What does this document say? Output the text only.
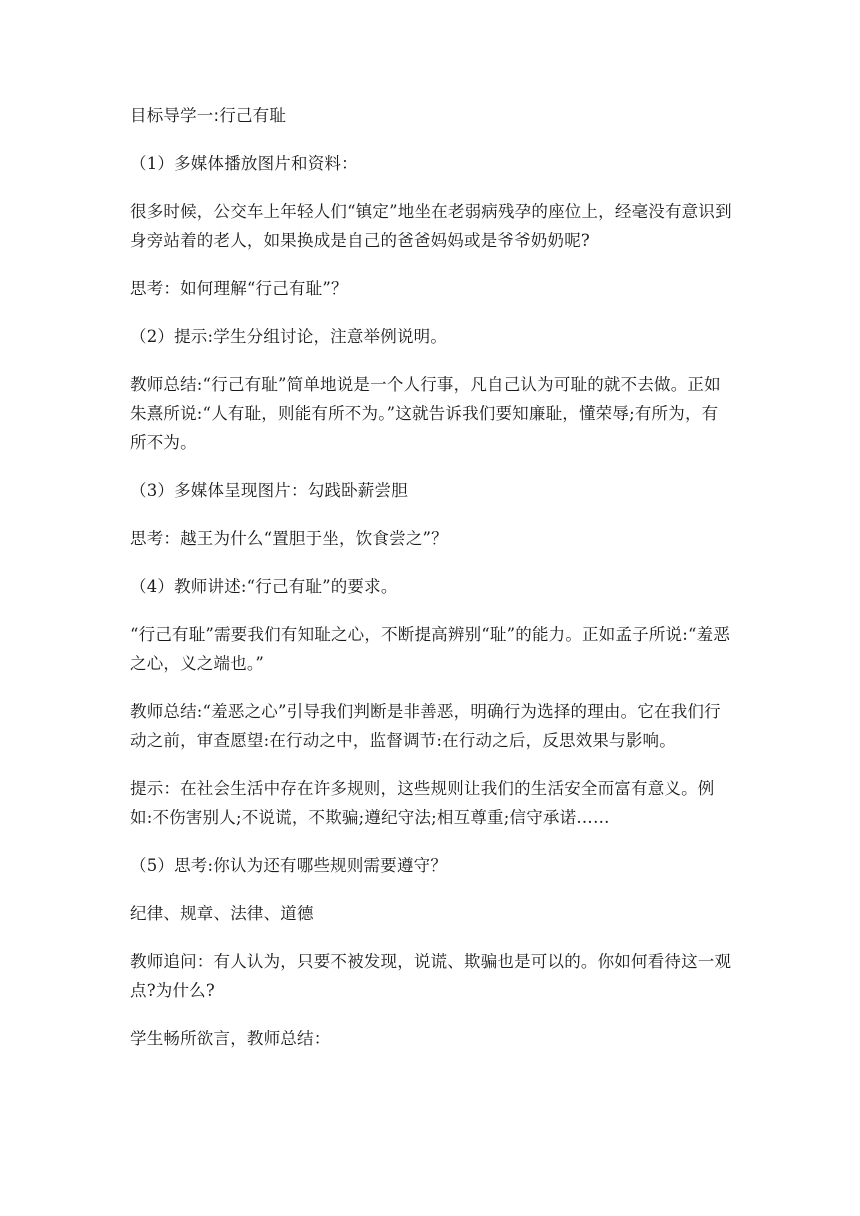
目标导学一:行己有耻

（1）多媒体播放图片和资料：

很多时候，公交车上年轻人们“镇定”地坐在老弱病残孕的座位上，经毫没有意识到身旁站着的老人，如果换成是自己的爸爸妈妈或是爷爷奶奶呢?

思考：如何理解“行己有耻”？

（2）提示:学生分组讨论，注意举例说明。

教师总结:“行己有耻”简单地说是一个人行事，凡自己认为可耻的就不去做。正如朱熹所说:“人有耻，则能有所不为。”这就告诉我们要知廉耻，懂荣辱;有所为，有所不为。

（3）多媒体呈现图片：勾践卧薪尝胆

思考：越王为什么“置胆于坐，饮食尝之”？

（4）教师讲述:“行己有耻”的要求。

“行己有耻”需要我们有知耻之心，不断提高辨别“耻”的能力。正如孟子所说:“羞恶之心，义之端也。”

教师总结:“羞恶之心”引导我们判断是非善恶，明确行为选择的理由。它在我们行动之前，审查愿望:在行动之中，监督调节:在行动之后，反思效果与影响。

提示：在社会生活中存在许多规则，这些规则让我们的生活安全而富有意义。例如:不伤害别人;不说谎，不欺骗;遵纪守法;相互尊重;信守承诺……

（5）思考:你认为还有哪些规则需要遵守？

纪律、规章、法律、道德

教师追问：有人认为，只要不被发现，说谎、欺骗也是可以的。你如何看待这一观点?为什么?

学生畅所欲言，教师总结：
